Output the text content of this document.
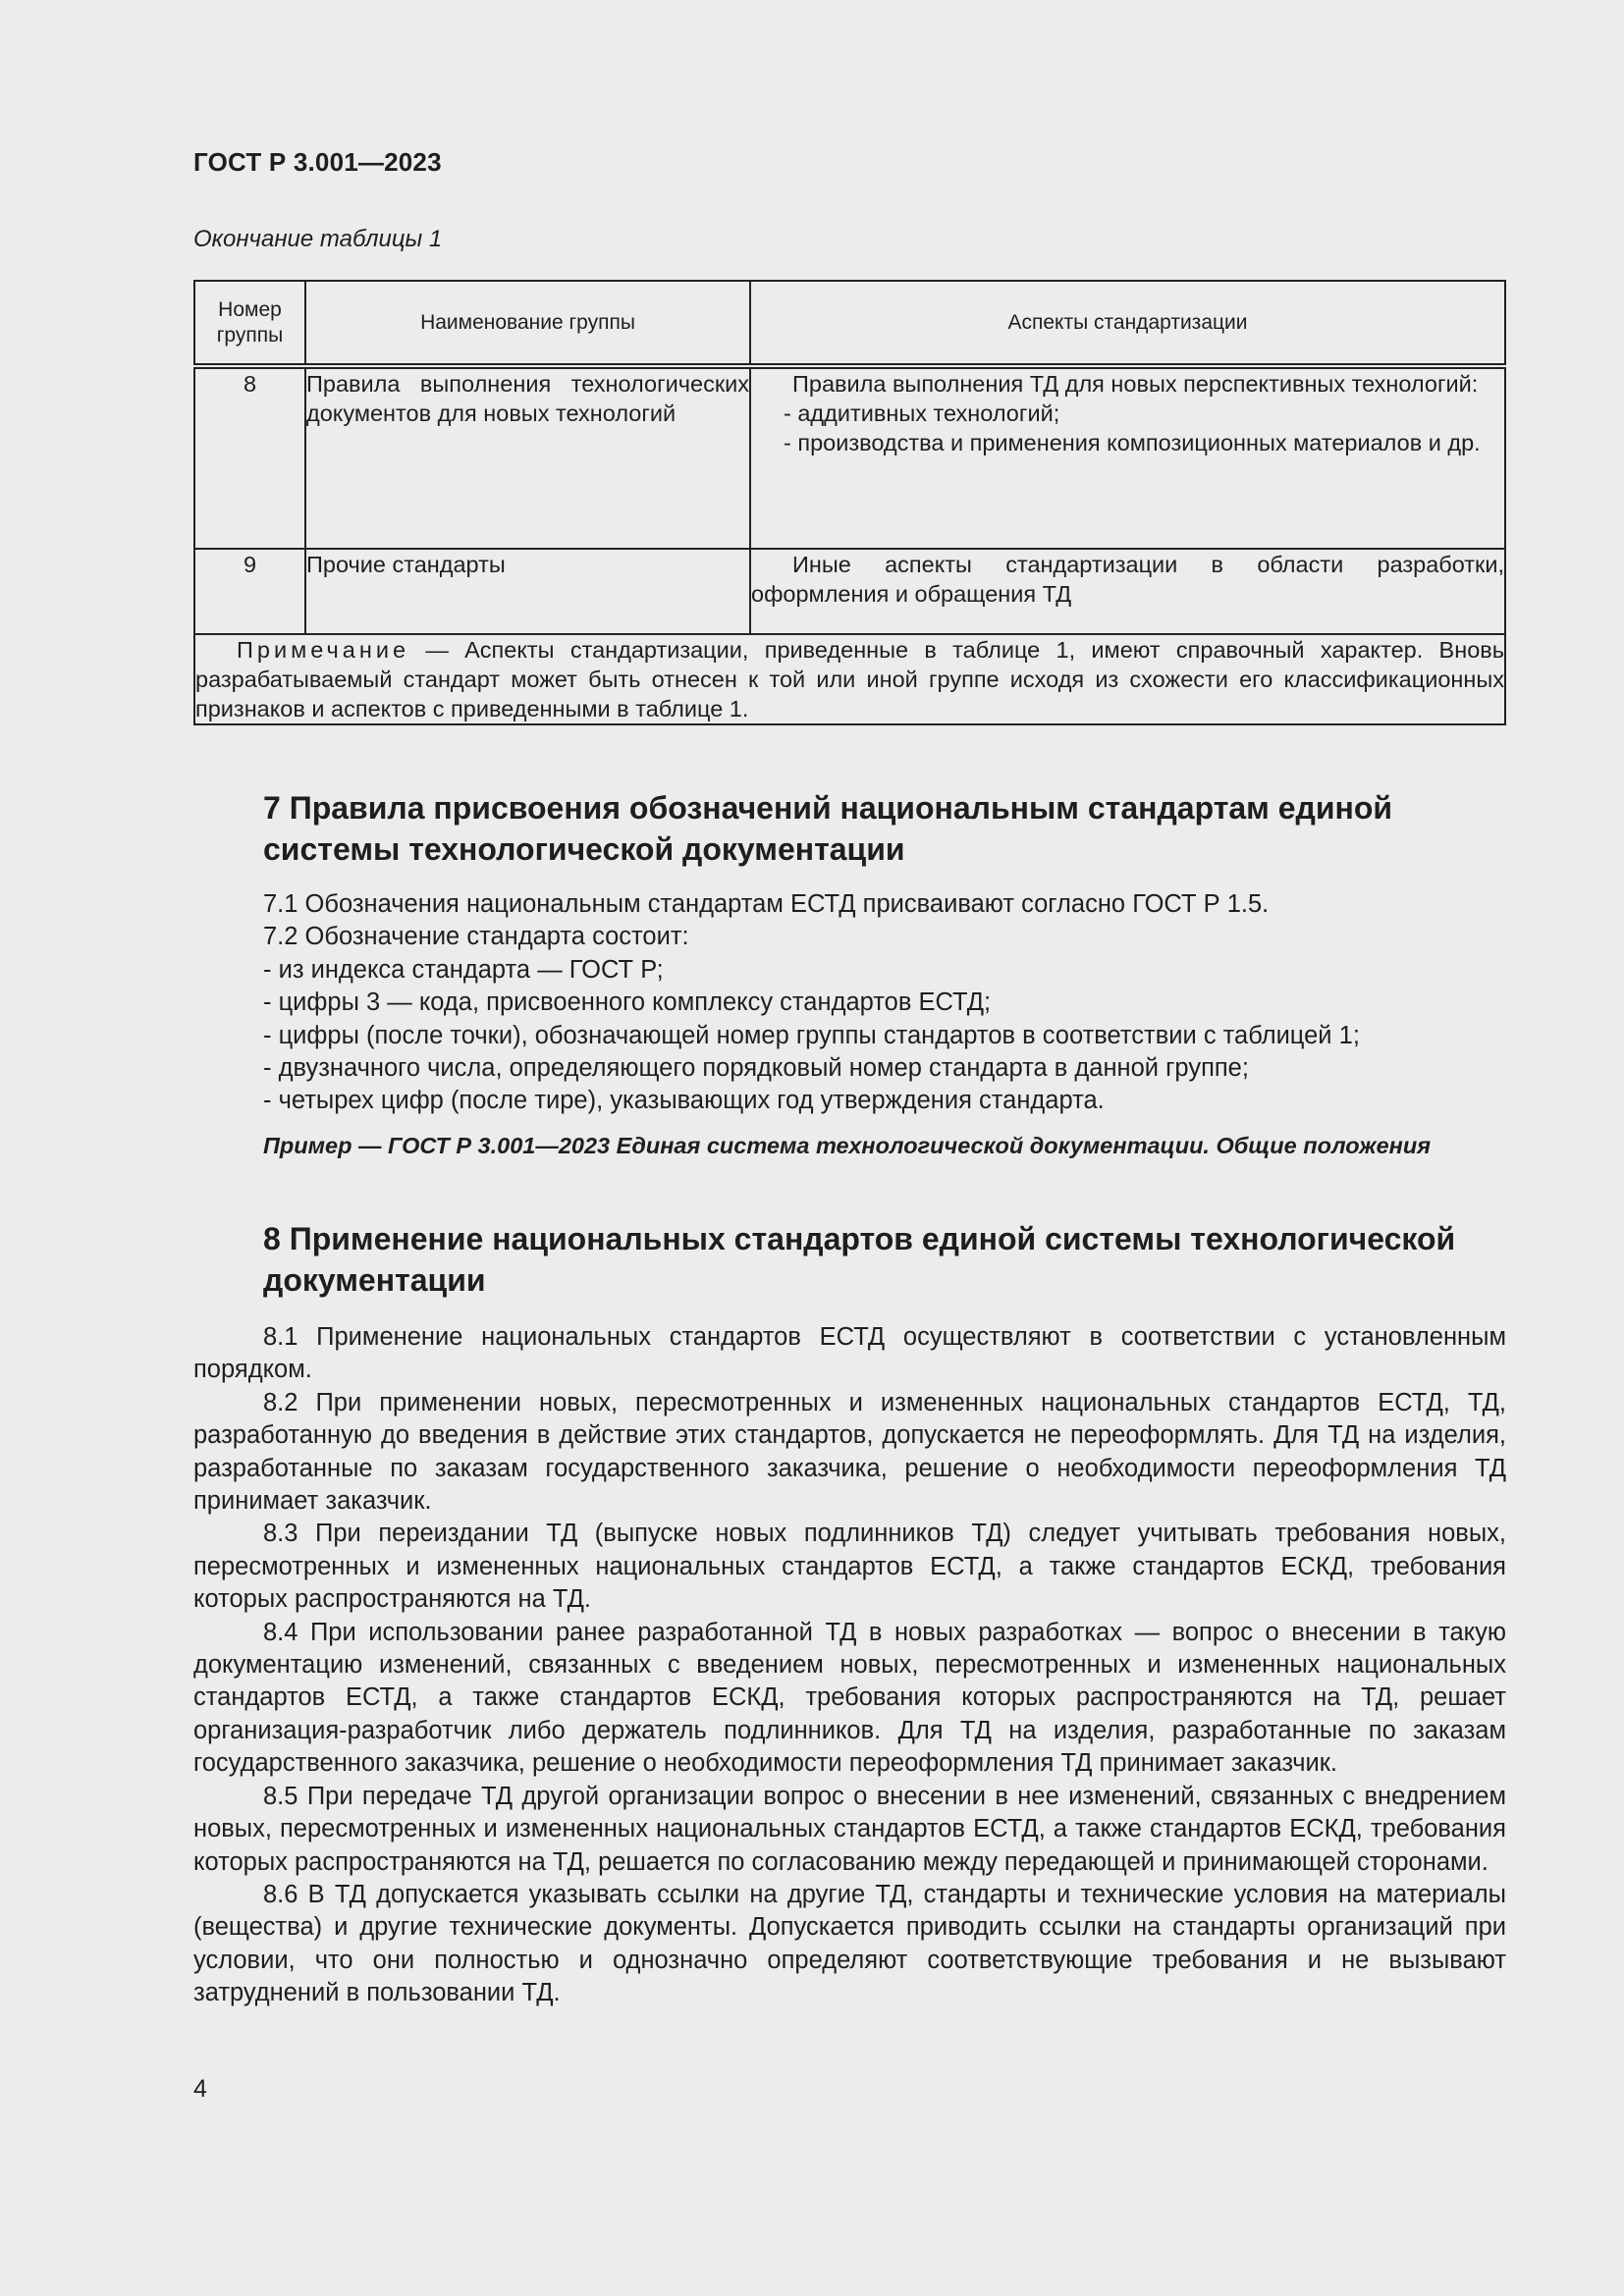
ГОСТ Р 3.001—2023
Окончание таблицы 1
Номер группы	Наименование группы	Аспекты стандартизации
8	Правила выполнения технологических документов для новых технологий	Правила выполнения ТД для новых перспективных технологий:
- аддитивных технологий;
- производства и применения композиционных материалов и др.

9	Прочие стандарты	Иные аспекты стандартизации в области разработки, оформления и обращения ТД

Примечание — Аспекты стандартизации, приведенные в таблице 1, имеют справочный характер. Вновь разрабатываемый стандарт может быть отнесен к той или иной группе исходя из схожести его классификационных признаков и аспектов с приведенными в таблице 1.		
7 Правила присвоения обозначений национальным стандартам единой системы технологической документации
7.1 Обозначения национальным стандартам ЕСТД присваивают согласно ГОСТ Р 1.5.
7.2 Обозначение стандарта состоит:
- из индекса стандарта — ГОСТ Р;
- цифры 3 — кода, присвоенного комплексу стандартов ЕСТД;
- цифры (после точки), обозначающей номер группы стандартов в соответствии с таблицей 1;
- двузначного числа, определяющего порядковый номер стандарта в данной группе;
- четырех цифр (после тире), указывающих год утверждения стандарта.
Пример — ГОСТ Р 3.001—2023 Единая система технологической документации. Общие положения
8 Применение национальных стандартов единой системы технологической документации

8.1 Применение национальных стандартов ЕСТД осуществляют в соответствии с установленным порядком.

8.2 При применении новых, пересмотренных и измененных национальных стандартов ЕСТД, ТД, разработанную до введения в действие этих стандартов, допускается не переоформлять. Для ТД на изделия, разработанные по заказам государственного заказчика, решение о необходимости переоформления ТД принимает заказчик.

8.3 При переиздании ТД (выпуске новых подлинников ТД) следует учитывать требования новых, пересмотренных и измененных национальных стандартов ЕСТД, а также стандартов ЕСКД, требования которых распространяются на ТД.

8.4 При использовании ранее разработанной ТД в новых разработках — вопрос о внесении в такую документацию изменений, связанных с введением новых, пересмотренных и измененных национальных стандартов ЕСТД, а также стандартов ЕСКД, требования которых распространяются на ТД, решает организация-разработчик либо держатель подлинников. Для ТД на изделия, разработанные по заказам государственного заказчика, решение о необходимости переоформления ТД принимает заказчик.

8.5 При передаче ТД другой организации вопрос о внесении в нее изменений, связанных с внедрением новых, пересмотренных и измененных национальных стандартов ЕСТД, а также стандартов ЕСКД, требования которых распространяются на ТД, решается по согласованию между передающей и принимающей сторонами.

8.6 В ТД допускается указывать ссылки на другие ТД, стандарты и технические условия на материалы (вещества) и другие технические документы. Допускается приводить ссылки на стандарты организаций при условии, что они полностью и однозначно определяют соответствующие требования и не вызывают затруднений в пользовании ТД.

4
